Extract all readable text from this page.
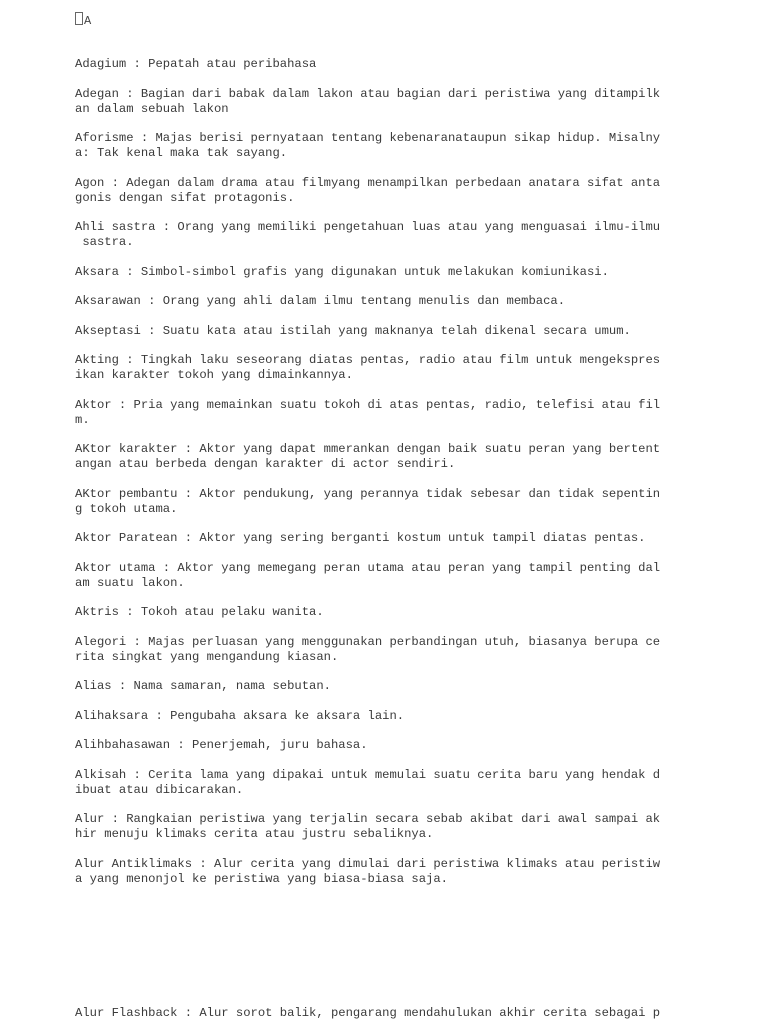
A
Adagium : Pepatah atau peribahasa
Adegan : Bagian dari babak dalam lakon atau bagian dari peristiwa yang ditampilk
an dalam sebuah lakon
Aforisme : Majas berisi pernyataan tentang kebenaranataupun sikap hidup. Misalny
a: Tak kenal maka tak sayang.
Agon : Adegan dalam drama atau filmyang menampilkan perbedaan anatara sifat anta
gonis dengan sifat protagonis.
Ahli sastra : Orang yang memiliki pengetahuan luas atau yang menguasai ilmu-ilmu
sastra.
Aksara : Simbol-simbol grafis yang digunakan untuk melakukan komiunikasi.
Aksarawan : Orang yang ahli dalam ilmu tentang menulis dan membaca.
Akseptasi : Suatu kata atau istilah yang maknanya telah dikenal secara umum.
Akting : Tingkah laku seseorang diatas pentas, radio atau film untuk mengekspres
ikan karakter tokoh yang dimainkannya.
Aktor : Pria yang memainkan suatu tokoh di atas pentas, radio, telefisi atau fil
m.
AKtor karakter : Aktor yang dapat mmerankan dengan baik suatu peran yang bertent
angan atau berbeda dengan karakter di actor sendiri.
AKtor pembantu : Aktor pendukung, yang perannya tidak sebesar dan tidak sepentin
g tokoh utama.
Aktor Paratean : Aktor yang sering berganti kostum untuk tampil diatas pentas.
Aktor utama : Aktor yang memegang peran utama atau peran yang tampil penting dal
am suatu lakon.
Aktris : Tokoh atau pelaku wanita.
Alegori : Majas perluasan yang menggunakan perbandingan utuh, biasanya berupa ce
rita singkat yang mengandung kiasan.
Alias : Nama samaran, nama sebutan.
Alihaksara : Pengubaha aksara ke aksara lain.
Alihbahasawan : Penerjemah, juru bahasa.
Alkisah : Cerita lama yang dipakai untuk memulai suatu cerita baru yang hendak d
ibuat atau dibicarakan.
Alur : Rangkaian peristiwa yang terjalin secara sebab akibat dari awal sampai ak
hir menuju klimaks cerita atau justru sebaliknya.
Alur Antiklimaks : Alur cerita yang dimulai dari peristiwa klimaks atau peristiw
a yang menonjol ke peristiwa yang biasa-biasa saja.
Alur Flashback : Alur sorot balik, pengarang mendahulukan akhir cerita sebagai p
